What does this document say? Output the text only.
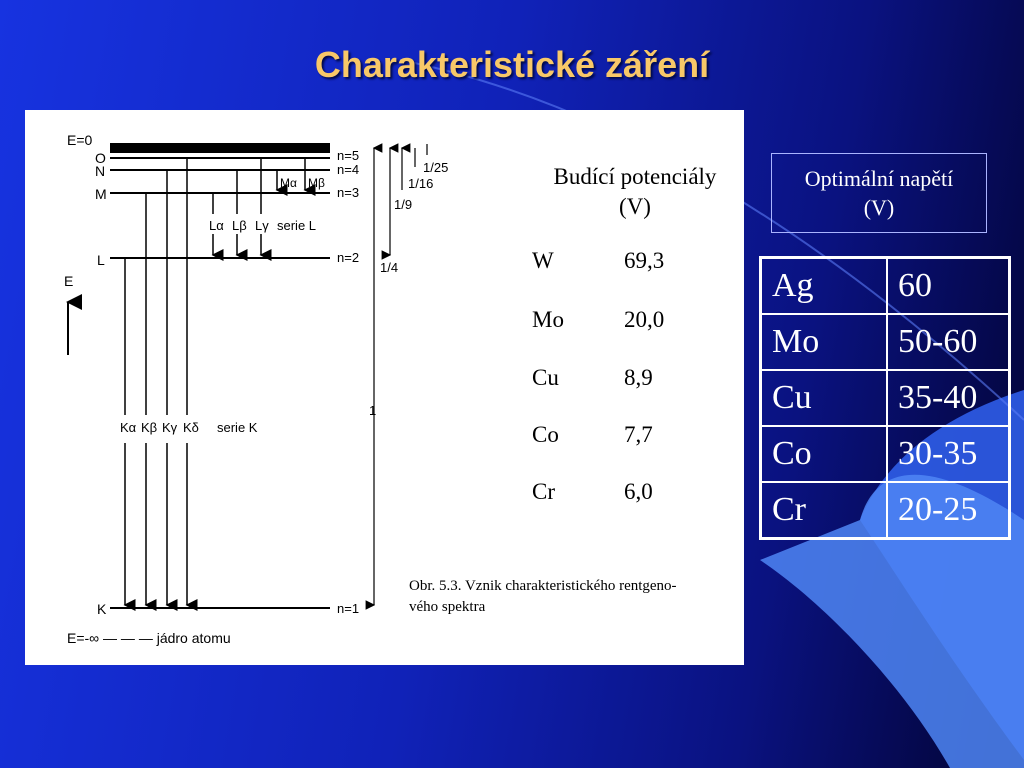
Charakteristické záření
E=0
O
N
M
L
K
n=5
n=4
n=3
n=2
n=1
E
Kα Kβ Kγ Kδ serie K
Lα Lβ Lγ serie L
Mα Mβ
1/25
1/16
1/9
1/4
1
E=-∞ — — — jádro atomu
Budící potenciály
(V)
W	69,3
Mo	20,0
Cu	8,9
Co	7,7
Cr	6,0
Obr. 5.3. Vznik charakteristického rentgeno-
vého spektra
Optimální napětí
(V)
Ag	60
Mo	50-60
Cu	35-40
Co	30-35
Cr	20-25
